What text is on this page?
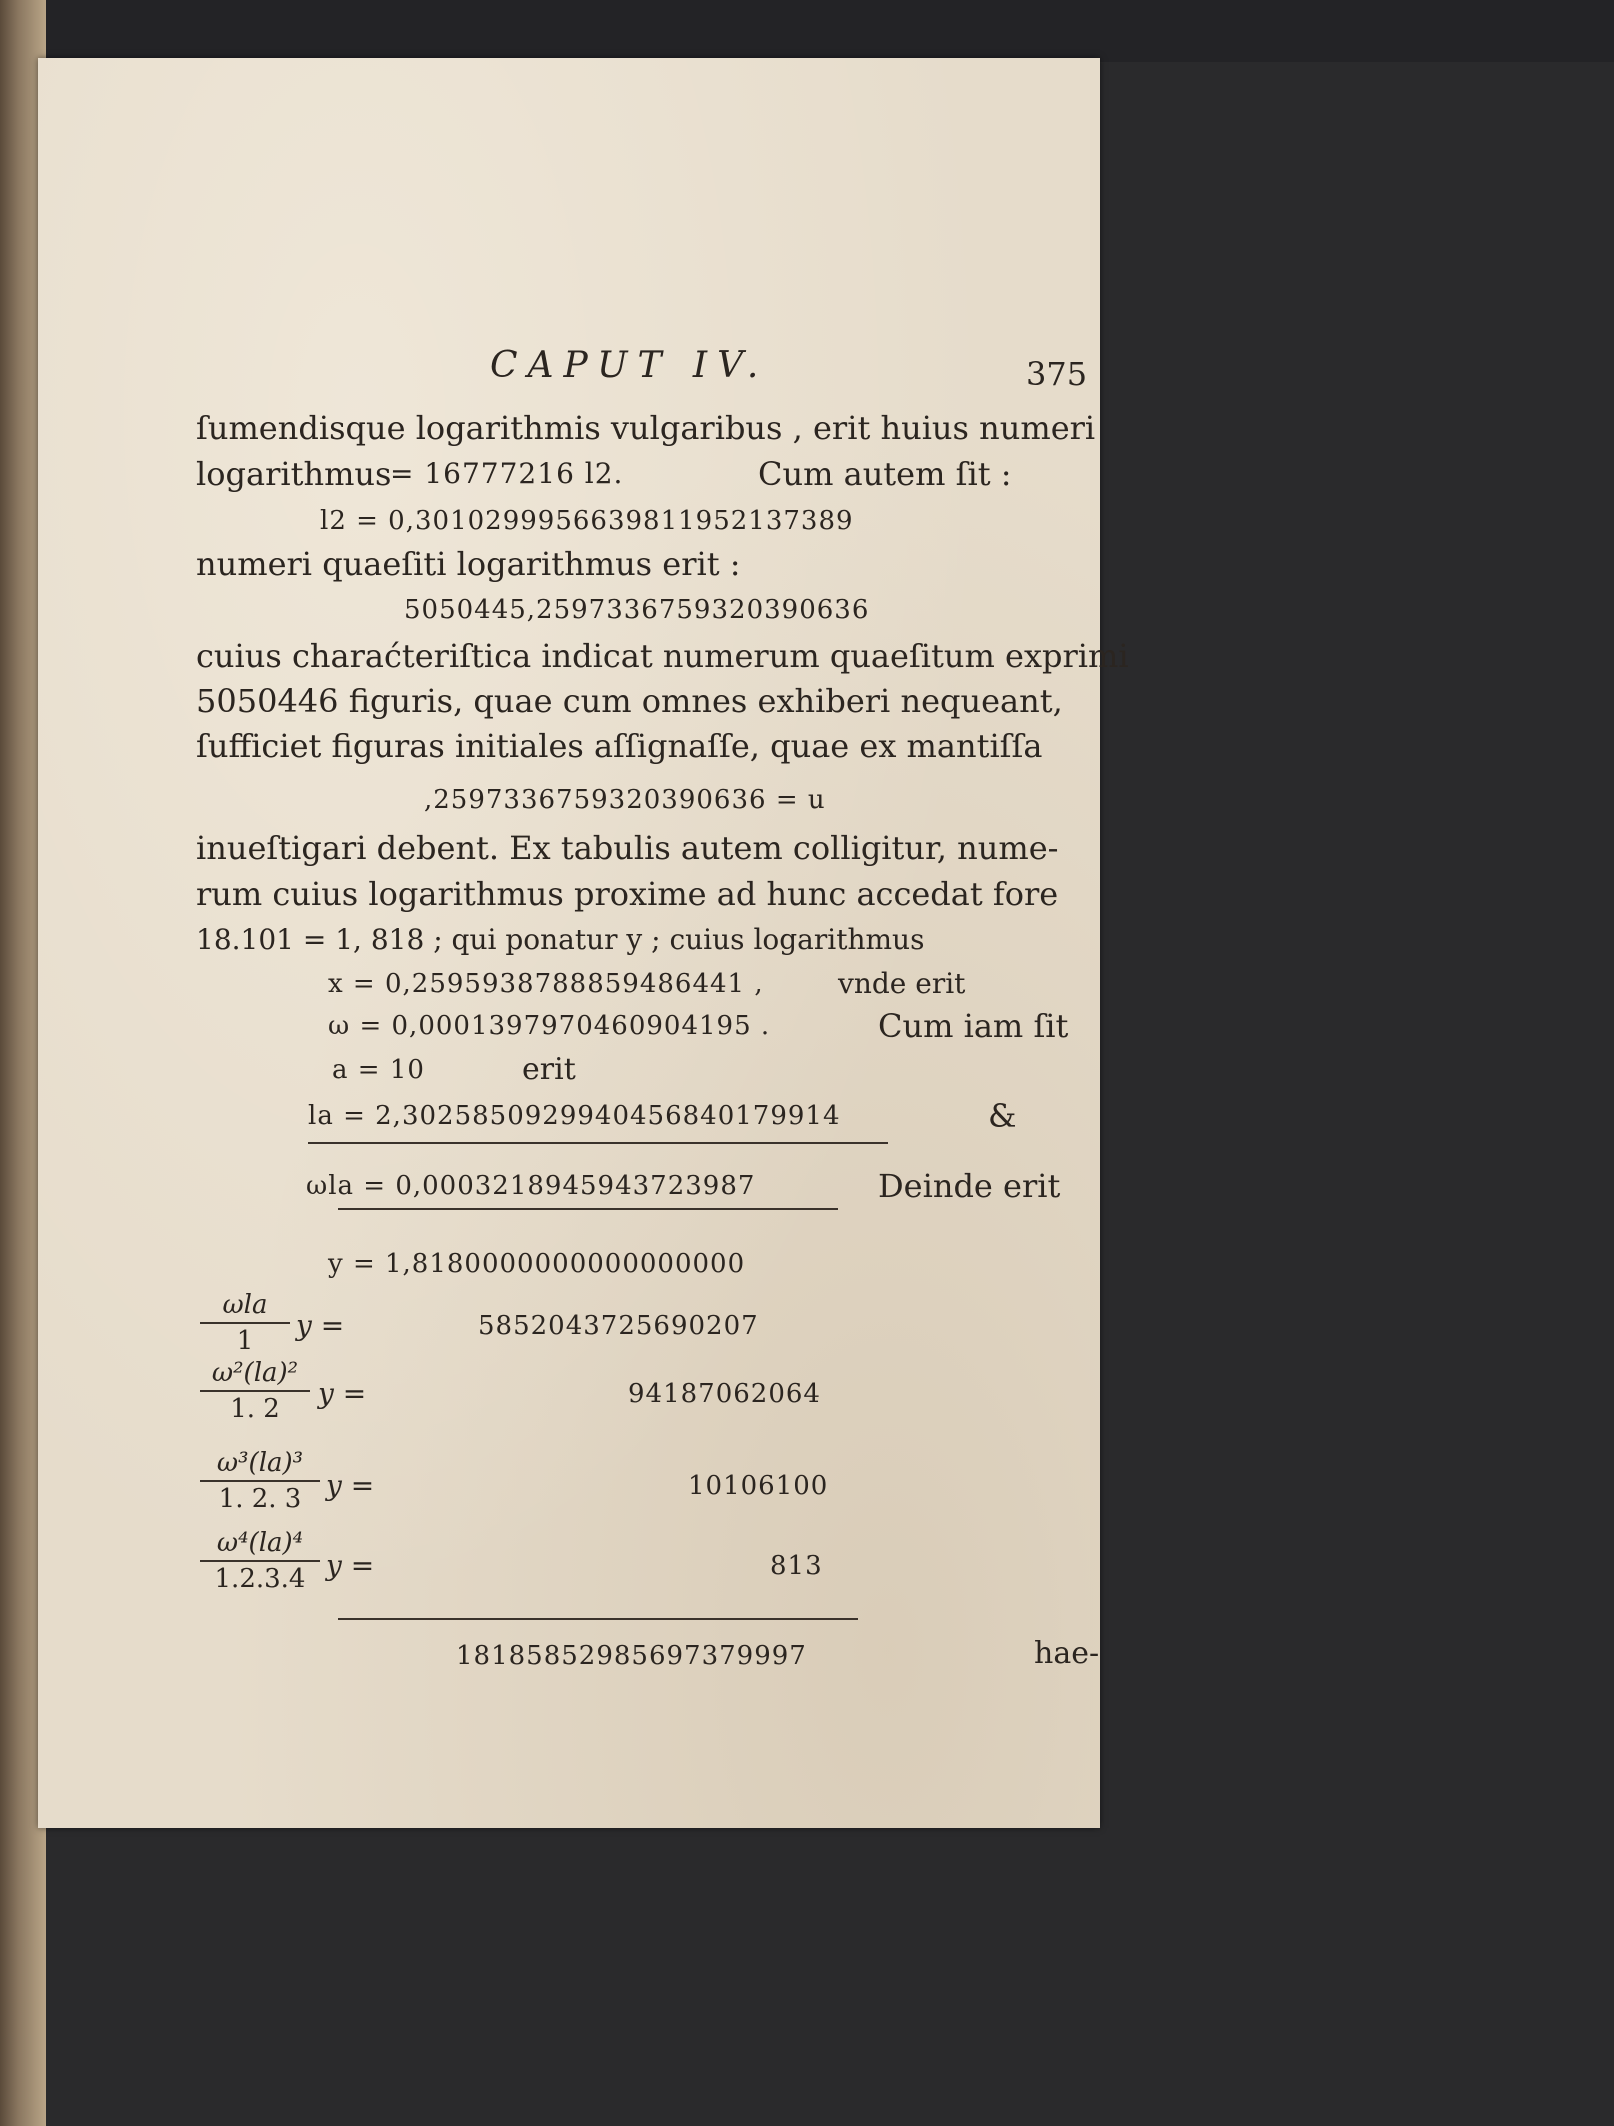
CAPUT IV.	375
ſumendisque logarithmis vulgaribus , erit huius numeri
logarithmus
= 16777216 l2.	Cum autem ſit :
l2 = 0,3010299956639811952137389
numeri quaeſiti logarithmus erit :
5050445,2597336759320390636
cuius charaćteriſtica indicat numerum quaeſitum exprimi
5050446 figuris, quae cum omnes exhiberi nequeant,
ſufficiet figuras initiales aſſignaſſe, quae ex mantiſſa
,2597336759320390636 = u
inueſtigari debent. Ex tabulis autem colligitur, nume-
rum cuius logarithmus proxime ad hunc accedat fore
18.101 = 1, 818 ; qui ponatur y ; cuius logarithmus
x = 0,2595938788859486441 ,	vnde erit
ω = 0,0001397970460904195 .	Cum iam ſit
a = 10	erit
la = 2,3025850929940456840179914	&
ωla = 0,0003218945943723987	Deinde erit
y = 1,8180000000000000000
ωla
1	y =	5852043725690207
ω²(la)²
1. 2	y =	94187062064
ω³(la)³
1. 2. 3 y =	10106100
ω⁴(la)⁴
1.2.3.4 y =	813
18185852985697379997	hae-
